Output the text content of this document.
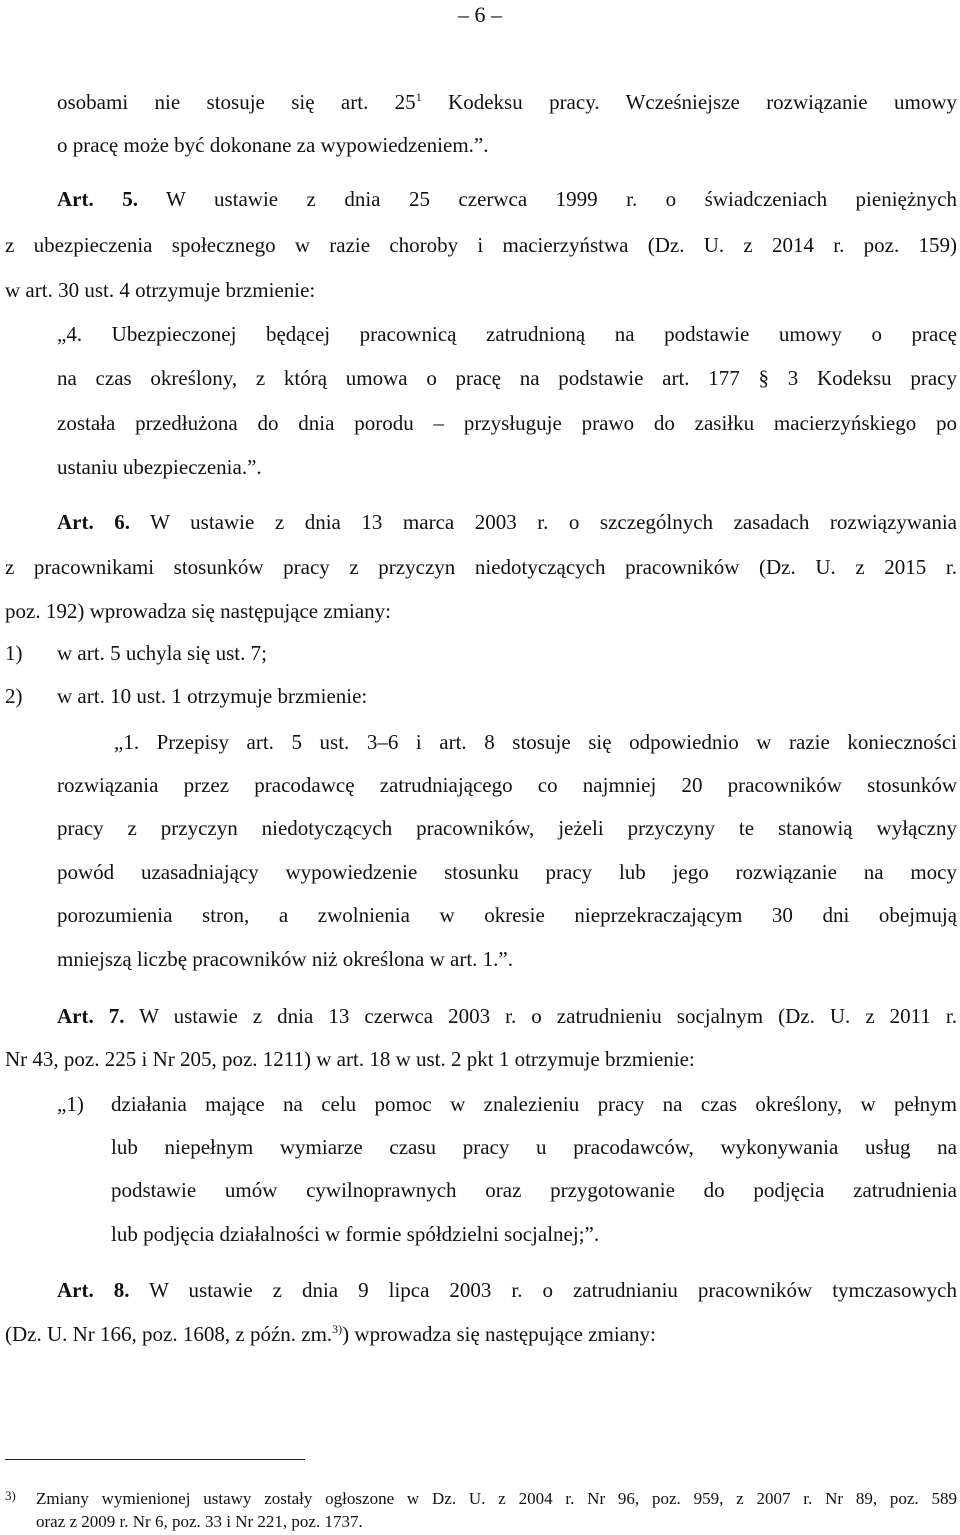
– 6 –
osobami nie stosuje się art. $25^1$ Kodeksu pracy. Wcześniejsze rozwiązanie umowy
o pracę może być dokonane za wypowiedzeniem.”.
Art. 5. W ustawie z dnia 25 czerwca 1999 r. o świadczeniach pieniężnych
z ubezpieczenia społecznego w razie choroby i macierzyństwa (Dz. U. z 2014 r. poz. 159)
w art. 30 ust. 4 otrzymuje brzmienie:
„4. Ubezpieczonej będącej pracownicą zatrudnioną na podstawie umowy o pracę
na czas określony, z którą umowa o pracę na podstawie art. 177 § 3 Kodeksu pracy
została przedłużona do dnia porodu – przysługuje prawo do zasiłku macierzyńskiego po
ustaniu ubezpieczenia.”.
Art. 6. W ustawie z dnia 13 marca 2003 r. o szczególnych zasadach rozwiązywania
z pracownikami stosunków pracy z przyczyn niedotyczących pracowników (Dz. U. z 2015 r.
poz. 192) wprowadza się następujące zmiany:
1) w art. 5 uchyla się ust. 7;
2) w art. 10 ust. 1 otrzymuje brzmienie:
„1. Przepisy art. 5 ust. 3–6 i art. 8 stosuje się odpowiednio w razie konieczności
rozwiązania przez pracodawcę zatrudniającego co najmniej 20 pracowników stosunków
pracy z przyczyn niedotyczących pracowników, jeżeli przyczyny te stanowią wyłączny
powód uzasadniający wypowiedzenie stosunku pracy lub jego rozwiązanie na mocy
porozumienia stron, a zwolnienia w okresie nieprzekraczającym 30 dni obejmują
mniejszą liczbę pracowników niż określona w art. 1.”.
Art. 7. W ustawie z dnia 13 czerwca 2003 r. o zatrudnieniu socjalnym (Dz. U. z 2011 r.
Nr 43, poz. 225 i Nr 205, poz. 1211) w art. 18 w ust. 2 pkt 1 otrzymuje brzmienie:
„1) działania mające na celu pomoc w znalezieniu pracy na czas określony, w pełnym
lub niepełnym wymiarze czasu pracy u pracodawców, wykonywania usług na
podstawie umów cywilnoprawnych oraz przygotowanie do podjęcia zatrudnienia
lub podjęcia działalności w formie spółdzielni socjalnej;”.
Art. 8. W ustawie z dnia 9 lipca 2003 r. o zatrudnianiu pracowników tymczasowych
(Dz. U. Nr 166, poz. 1608, z późn. zm.$^{3)}$) wprowadza się następujące zmiany:
3) Zmiany wymienionej ustawy zostały ogłoszone w Dz. U. z 2004 r. Nr 96, poz. 959, z 2007 r. Nr 89, poz. 589
oraz z 2009 r. Nr 6, poz. 33 i Nr 221, poz. 1737.
